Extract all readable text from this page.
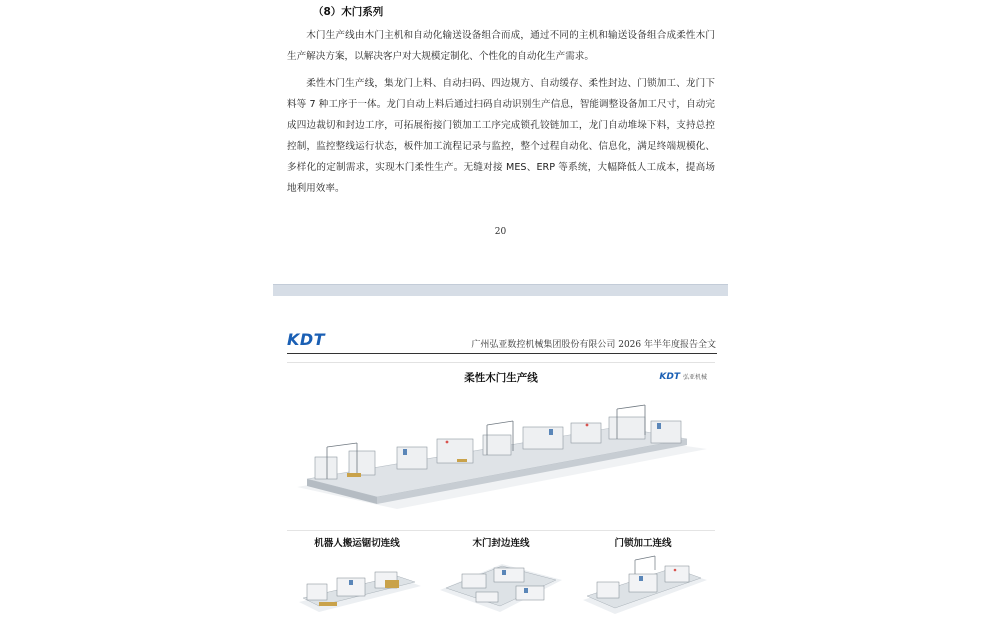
（8）木门系列

木门生产线由木门主机和自动化输送设备组合而成，通过不同的主机和输送设备组合成柔性木门生产解决方案，以解决客户对大规模定制化、个性化的自动化生产需求。

柔性木门生产线，集龙门上料、自动扫码、四边规方、自动缓存、柔性封边、门锁加工、龙门下料等 7 种工序于一体。龙门自动上料后通过扫码自动识别生产信息，智能调整设备加工尺寸，自动完成四边裁切和封边工序，可拓展衔接门锁加工工序完成锁孔铰链加工，龙门自动堆垛下料，支持总控控制，监控整线运行状态，板件加工流程记录与监控，整个过程自动化、信息化，满足终端规模化、多样化的定制需求，实现木门柔性生产。无缝对接 MES、ERP 等系统，大幅降低人工成本，提高场地利用效率。

20
KDT	广州弘亚数控机械集团股份有限公司 2026 年半年度报告全文
柔性木门生产线	KDT 弘亚机械
机器人搬运锯切连线	木门封边连线	门锁加工连线
